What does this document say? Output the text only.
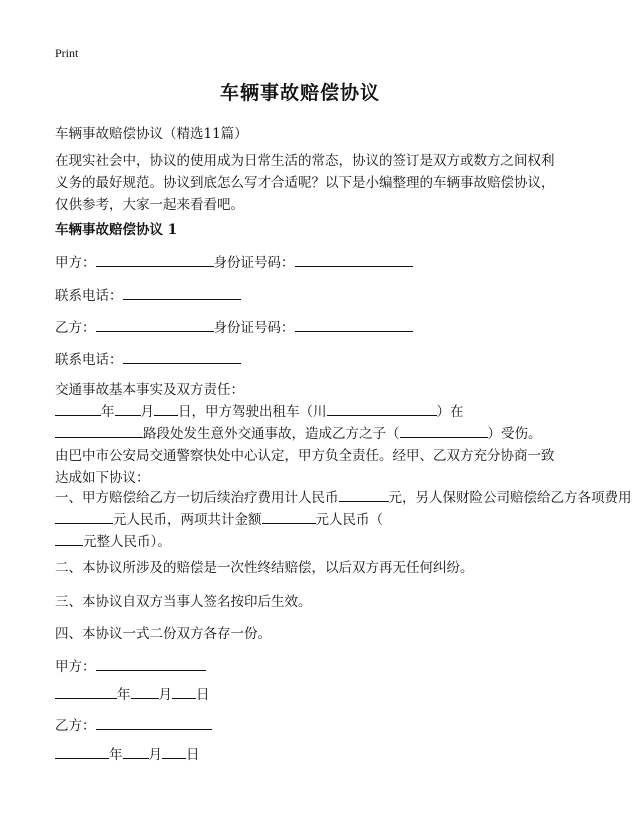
Print
车辆事故赔偿协议
车辆事故赔偿协议（精选11篇）
在现实社会中，协议的使用成为日常生活的常态，协议的签订是双方或数方之间权利义务的最好规范。协议到底怎么写才合适呢？以下是小编整理的车辆事故赔偿协议，仅供参考，大家一起来看看吧。
车辆事故赔偿协议 1
甲方：	身份证号码：
联系电话：
乙方：	身份证号码：
联系电话：
交通事故基本事实及双方责任：
年 月 日，甲方驾驶出租车（川	）在
路段处发生意外交通事故，造成乙方之子（	）受伤。
由巴中市公安局交通警察快处中心认定，甲方负全责任。经甲、乙双方充分协商一致达成如下协议：
一、甲方赔偿给乙方一切后续治疗费用计人民币	元，另人保财险公司赔偿给乙方各项费用
元人民币，两项共计金额	元人民币（
元整人民币）。
二、本协议所涉及的赔偿是一次性终结赔偿，以后双方再无任何纠纷。
三、本协议自双方当事人签名按印后生效。
四、本协议一式二份双方各存一份。
甲方：
年 月 日
乙方：
年 月 日
